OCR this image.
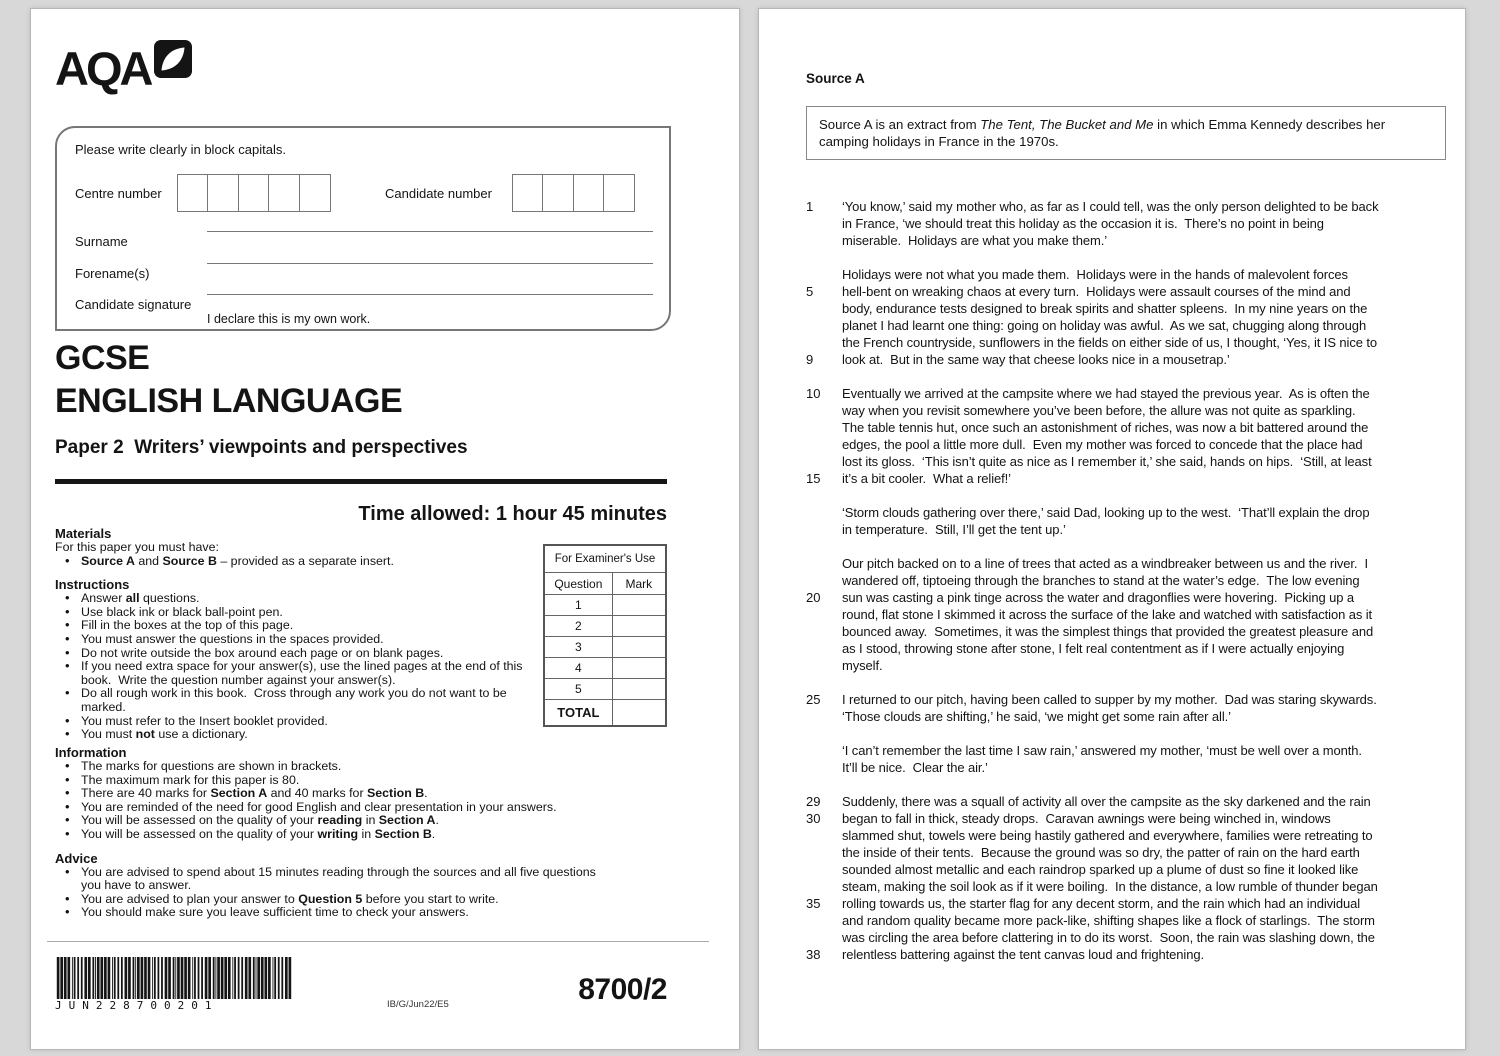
AQA
Please write clearly in block capitals.
Centre number	Candidate number
Surname
Forename(s)
Candidate signature
I declare this is my own work.
GCSE
ENGLISH LANGUAGE
Paper 2  Writers’ viewpoints and perspectives
Time allowed: 1 hour 45 minutes
Materials
For this paper you must have:
• Source A and Source B – provided as a separate insert.
Instructions
• Answer all questions.
• Use black ink or black ball-point pen.
• Fill in the boxes at the top of this page.
• You must answer the questions in the spaces provided.
• Do not write outside the box around each page or on blank pages.
• If you need extra space for your answer(s), use the lined pages at the end of this book.  Write the question number against your answer(s).
• Do all rough work in this book.  Cross through any work you do not want to be marked.
• You must refer to the Insert booklet provided.
• You must not use a dictionary.
Information
• The marks for questions are shown in brackets.
• The maximum mark for this paper is 80.
• There are 40 marks for Section A and 40 marks for Section B.
• You are reminded of the need for good English and clear presentation in your answers.
• You will be assessed on the quality of your reading in Section A.
• You will be assessed on the quality of your writing in Section B.
Advice
• You are advised to spend about 15 minutes reading through the sources and all five questions you have to answer.
• You are advised to plan your answer to Question 5 before you start to write.
• You should make sure you leave sufficient time to check your answers.
For Examiner's Use	
Question	Mark
1	
2	
3	
4	
5	
TOTAL	
JUN228700201	IB/G/Jun22/E5	8700/2
Source A
Source A is an extract from The Tent, The Bucket and Me in which Emma Kennedy describes her camping holidays in France in the 1970s.
1	‘You know,’ said my mother who, as far as I could tell, was the only person delighted to be back
in France, ‘we should treat this holiday as the occasion it is.  There’s no point in being
miserable.  Holidays are what you make them.’
Holidays were not what you made them.  Holidays were in the hands of malevolent forces
5	hell-bent on wreaking chaos at every turn.  Holidays were assault courses of the mind and
body, endurance tests designed to break spirits and shatter spleens.  In my nine years on the
planet I had learnt one thing: going on holiday was awful.  As we sat, chugging along through
the French countryside, sunflowers in the fields on either side of us, I thought, ‘Yes, it IS nice to
9	look at.  But in the same way that cheese looks nice in a mousetrap.’
10	Eventually we arrived at the campsite where we had stayed the previous year.  As is often the
way when you revisit somewhere you’ve been before, the allure was not quite as sparkling.
The table tennis hut, once such an astonishment of riches, was now a bit battered around the
edges, the pool a little more dull.  Even my mother was forced to concede that the place had
lost its gloss.  ‘This isn’t quite as nice as I remember it,’ she said, hands on hips.  ‘Still, at least
15	it’s a bit cooler.  What a relief!’
‘Storm clouds gathering over there,’ said Dad, looking up to the west.  ‘That’ll explain the drop
in temperature.  Still, I’ll get the tent up.’
Our pitch backed on to a line of trees that acted as a windbreaker between us and the river.  I
wandered off, tiptoeing through the branches to stand at the water’s edge.  The low evening
20	sun was casting a pink tinge across the water and dragonflies were hovering.  Picking up a
round, flat stone I skimmed it across the surface of the lake and watched with satisfaction as it
bounced away.  Sometimes, it was the simplest things that provided the greatest pleasure and
as I stood, throwing stone after stone, I felt real contentment as if I were actually enjoying
myself.
25	I returned to our pitch, having been called to supper by my mother.  Dad was staring skywards.
‘Those clouds are shifting,’ he said, ‘we might get some rain after all.’
‘I can’t remember the last time I saw rain,’ answered my mother, ‘must be well over a month.
It’ll be nice.  Clear the air.’
29	Suddenly, there was a squall of activity all over the campsite as the sky darkened and the rain
30	began to fall in thick, steady drops.  Caravan awnings were being winched in, windows
slammed shut, towels were being hastily gathered and everywhere, families were retreating to
the inside of their tents.  Because the ground was so dry, the patter of rain on the hard earth
sounded almost metallic and each raindrop sparked up a plume of dust so fine it looked like
steam, making the soil look as if it were boiling.  In the distance, a low rumble of thunder began
35	rolling towards us, the starter flag for any decent storm, and the rain which had an individual
and random quality became more pack-like, shifting shapes like a flock of starlings.  The storm
was circling the area before clattering in to do its worst.  Soon, the rain was slashing down, the
38	relentless battering against the tent canvas loud and frightening.
